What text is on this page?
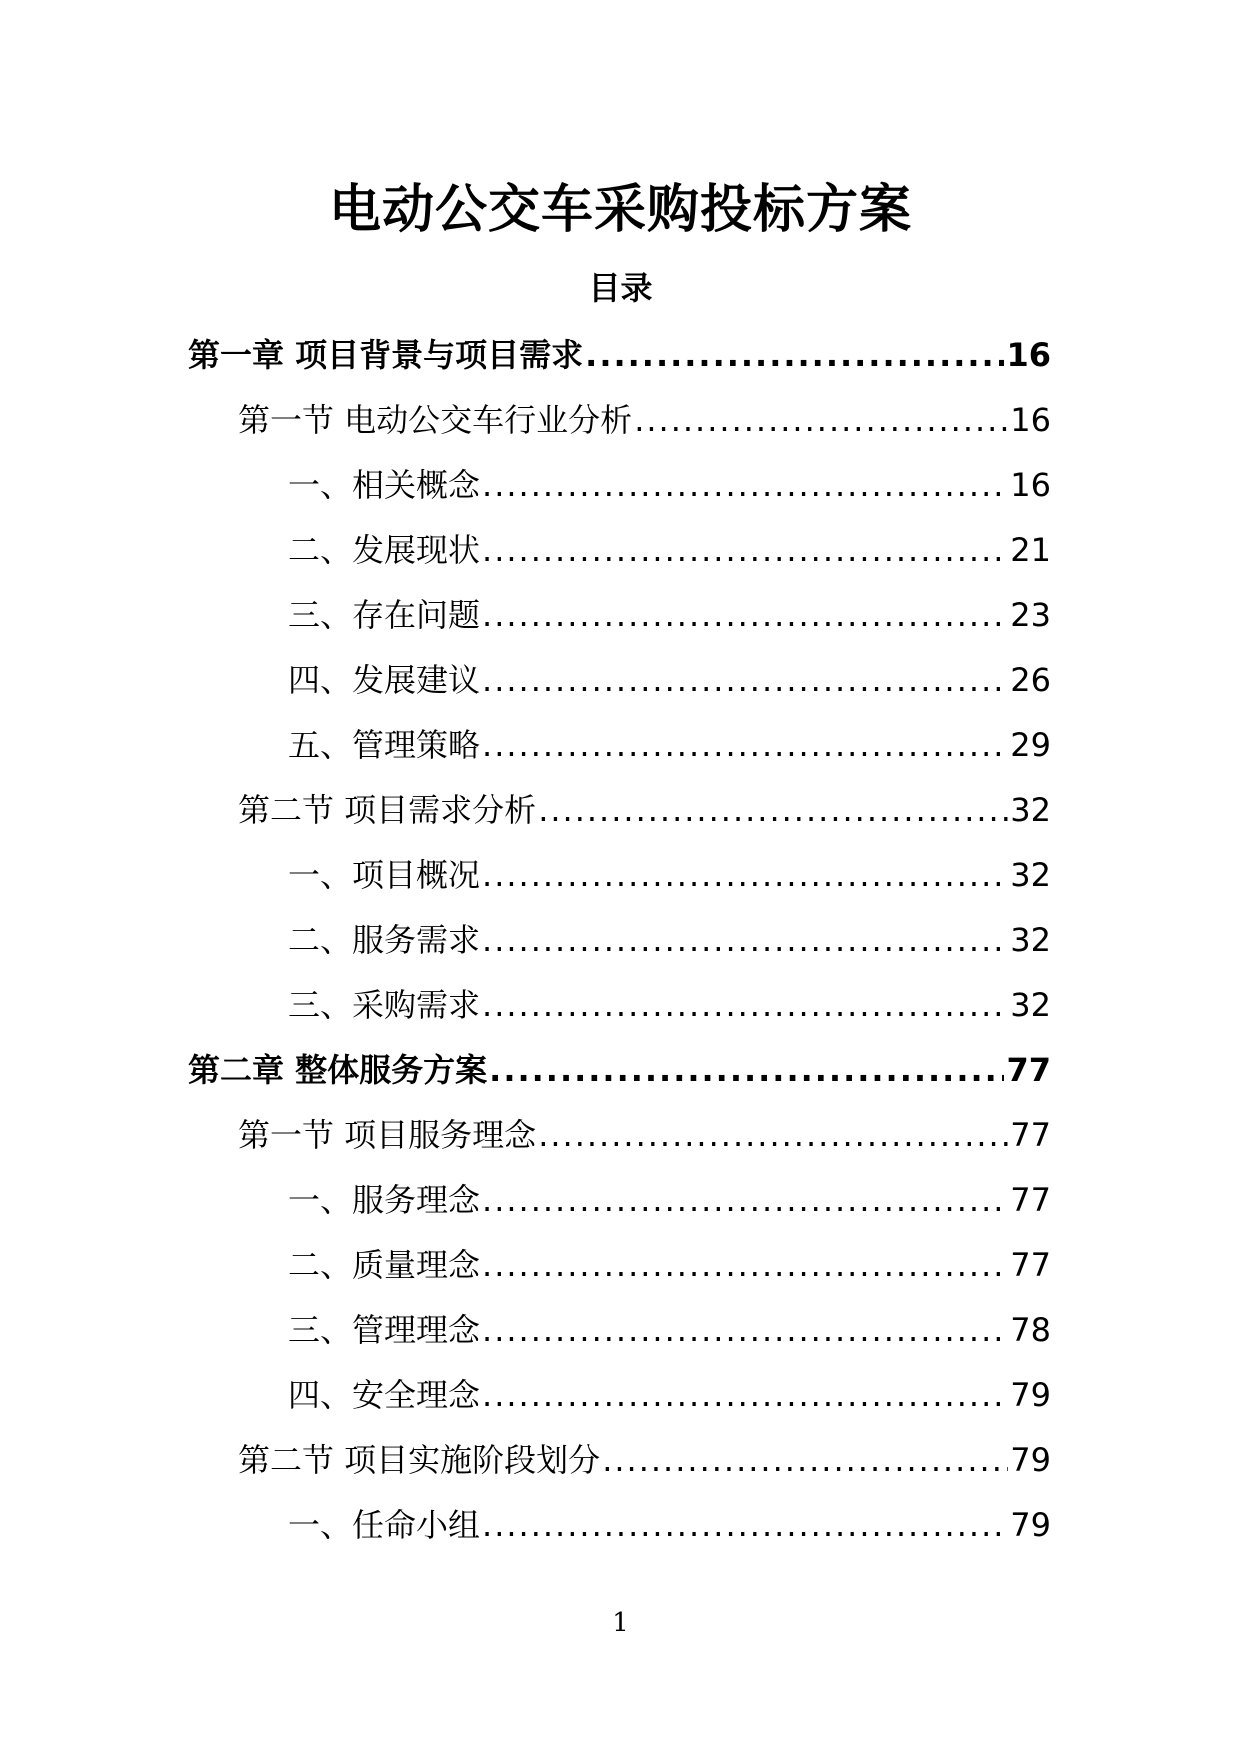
电动公交车采购投标方案
目录
第一章 项目背景与项目需求 .....	16
第一节 电动公交车行业分析 .....	16
一、相关概念 .....	16
二、发展现状 .....	21
三、存在问题 .....	23
四、发展建议 .....	26
五、管理策略 .....	29
第二节 项目需求分析 .....	32
一、项目概况 .....	32
二、服务需求 .....	32
三、采购需求 .....	32
第二章 整体服务方案 .....	77
第一节 项目服务理念 .....	77
一、服务理念 .....	77
二、质量理念 .....	77
三、管理理念 .....	78
四、安全理念 .....	79
第二节 项目实施阶段划分 .....	79
一、任命小组 .....	79
1
